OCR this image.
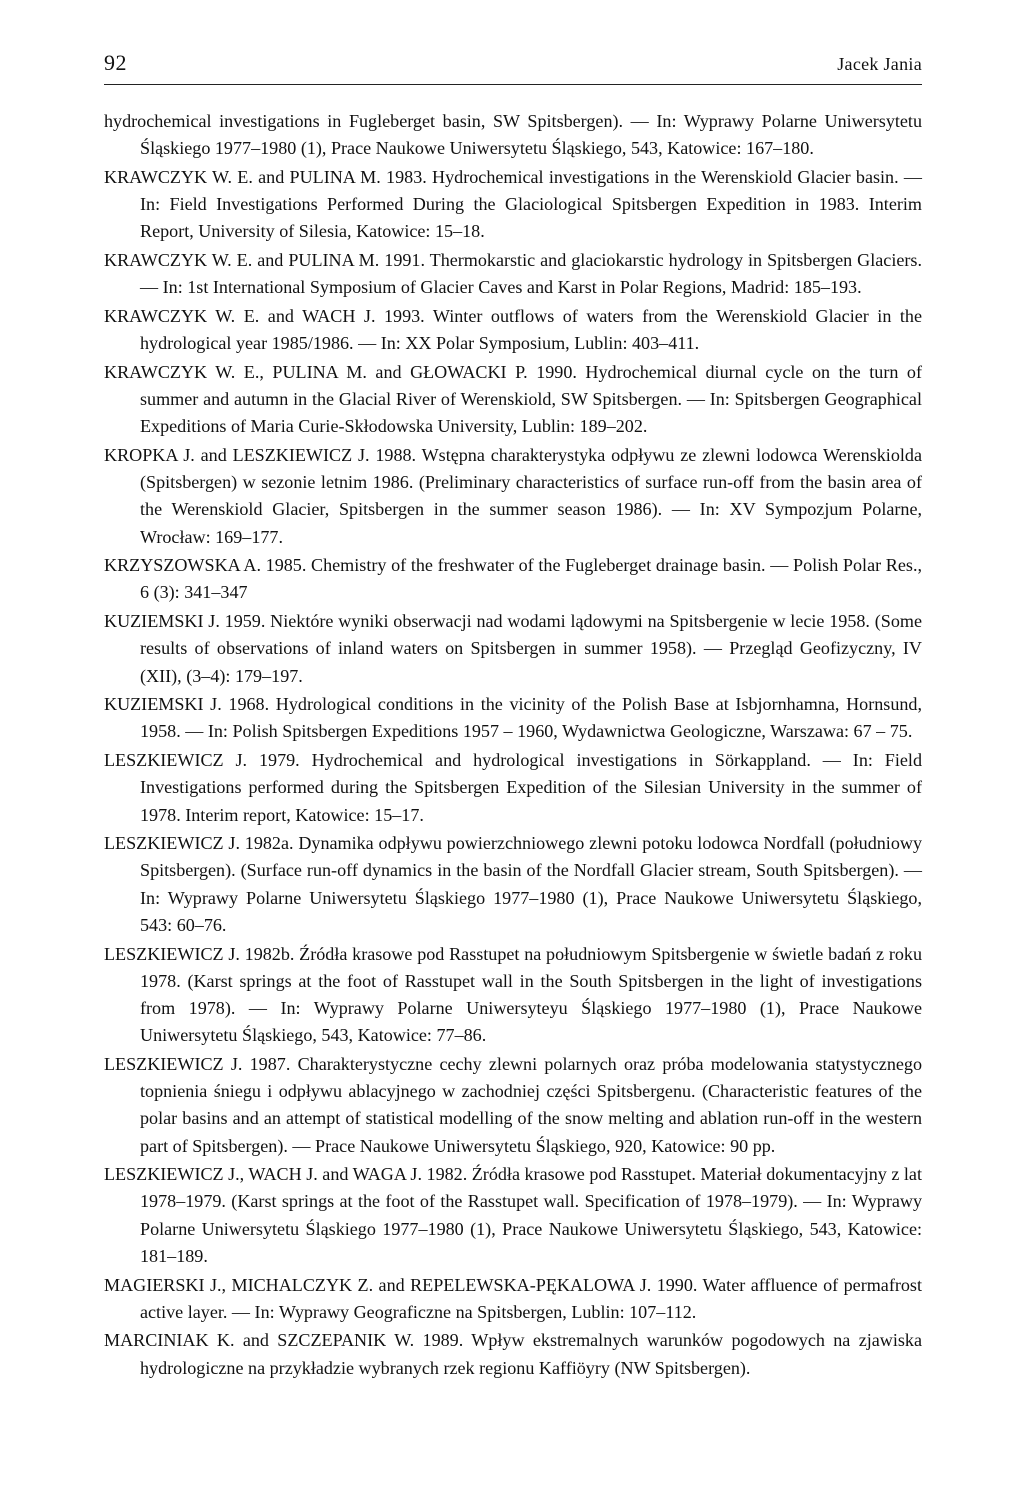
92	Jacek Jania

hydrochemical investigations in Fugleberget basin, SW Spitsbergen). — In: Wyprawy Polarne Uniwersytetu Śląskiego 1977–1980 (1), Prace Naukowe Uniwersytetu Śląskiego, 543, Katowice: 167–180.

KRAWCZYK W. E. and PULINA M. 1983. Hydrochemical investigations in the Werenskiold Glacier basin. — In: Field Investigations Performed During the Glaciological Spitsbergen Expedition in 1983. Interim Report, University of Silesia, Katowice: 15–18.

KRAWCZYK W. E. and PULINA M. 1991. Thermokarstic and glaciokarstic hydrology in Spitsbergen Glaciers. — In: 1st International Symposium of Glacier Caves and Karst in Polar Regions, Madrid: 185–193.

KRAWCZYK W. E. and WACH J. 1993. Winter outflows of waters from the Werenskiold Glacier in the hydrological year 1985/1986. — In: XX Polar Symposium, Lublin: 403–411.

KRAWCZYK W. E., PULINA M. and GŁOWACKI P. 1990. Hydrochemical diurnal cycle on the turn of summer and autumn in the Glacial River of Werenskiold, SW Spitsbergen. — In: Spitsbergen Geographical Expeditions of Maria Curie-Skłodowska University, Lublin: 189–202.

KROPKA J. and LESZKIEWICZ J. 1988. Wstępna charakterystyka odpływu ze zlewni lodowca Werenskiolda (Spitsbergen) w sezonie letnim 1986. (Preliminary characteristics of surface run-off from the basin area of the Werenskiold Glacier, Spitsbergen in the summer season 1986). — In: XV Sympozjum Polarne, Wrocław: 169–177.

KRZYSZOWSKA A. 1985. Chemistry of the freshwater of the Fugleberget drainage basin. — Polish Polar Res., 6 (3): 341–347

KUZIEMSKI J. 1959. Niektóre wyniki obserwacji nad wodami lądowymi na Spitsbergenie w lecie 1958. (Some results of observations of inland waters on Spitsbergen in summer 1958). — Przegląd Geofizyczny, IV (XII), (3–4): 179–197.

KUZIEMSKI J. 1968. Hydrological conditions in the vicinity of the Polish Base at Isbjornhamna, Hornsund, 1958. — In: Polish Spitsbergen Expeditions 1957 – 1960, Wydawnictwa Geologiczne, Warszawa: 67 – 75.

LESZKIEWICZ J. 1979. Hydrochemical and hydrological investigations in Sörkappland. — In: Field Investigations performed during the Spitsbergen Expedition of the Silesian University in the summer of 1978. Interim report, Katowice: 15–17.

LESZKIEWICZ J. 1982a. Dynamika odpływu powierzchniowego zlewni potoku lodowca Nordfall (południowy Spitsbergen). (Surface run-off dynamics in the basin of the Nordfall Glacier stream, South Spitsbergen). — In: Wyprawy Polarne Uniwersytetu Śląskiego 1977–1980 (1), Prace Naukowe Uniwersytetu Śląskiego, 543: 60–76.

LESZKIEWICZ J. 1982b. Źródła krasowe pod Rasstupet na południowym Spitsbergenie w świetle badań z roku 1978. (Karst springs at the foot of Rasstupet wall in the South Spitsbergen in the light of investigations from 1978). — In: Wyprawy Polarne Uniwersyteyu Śląskiego 1977–1980 (1), Prace Naukowe Uniwersytetu Śląskiego, 543, Katowice: 77–86.

LESZKIEWICZ J. 1987. Charakterystyczne cechy zlewni polarnych oraz próba modelowania statystycznego topnienia śniegu i odpływu ablacyjnego w zachodniej części Spitsbergenu. (Characteristic features of the polar basins and an attempt of statistical modelling of the snow melting and ablation run-off in the western part of Spitsbergen). — Prace Naukowe Uniwersytetu Śląskiego, 920, Katowice: 90 pp.

LESZKIEWICZ J., WACH J. and WAGA J. 1982. Źródła krasowe pod Rasstupet. Materiał dokumentacyjny z lat 1978–1979. (Karst springs at the foot of the Rasstupet wall. Specification of 1978–1979). — In: Wyprawy Polarne Uniwersytetu Śląskiego 1977–1980 (1), Prace Naukowe Uniwersytetu Śląskiego, 543, Katowice: 181–189.

MAGIERSKI J., MICHALCZYK Z. and REPELEWSKA-PĘKALOWA J. 1990. Water affluence of permafrost active layer. — In: Wyprawy Geograficzne na Spitsbergen, Lublin: 107–112.

MARCINIAK K. and SZCZEPANIK W. 1989. Wpływ ekstremalnych warunków pogodowych na zjawiska hydrologiczne na przykładzie wybranych rzek regionu Kaffiöyry (NW Spitsbergen).
